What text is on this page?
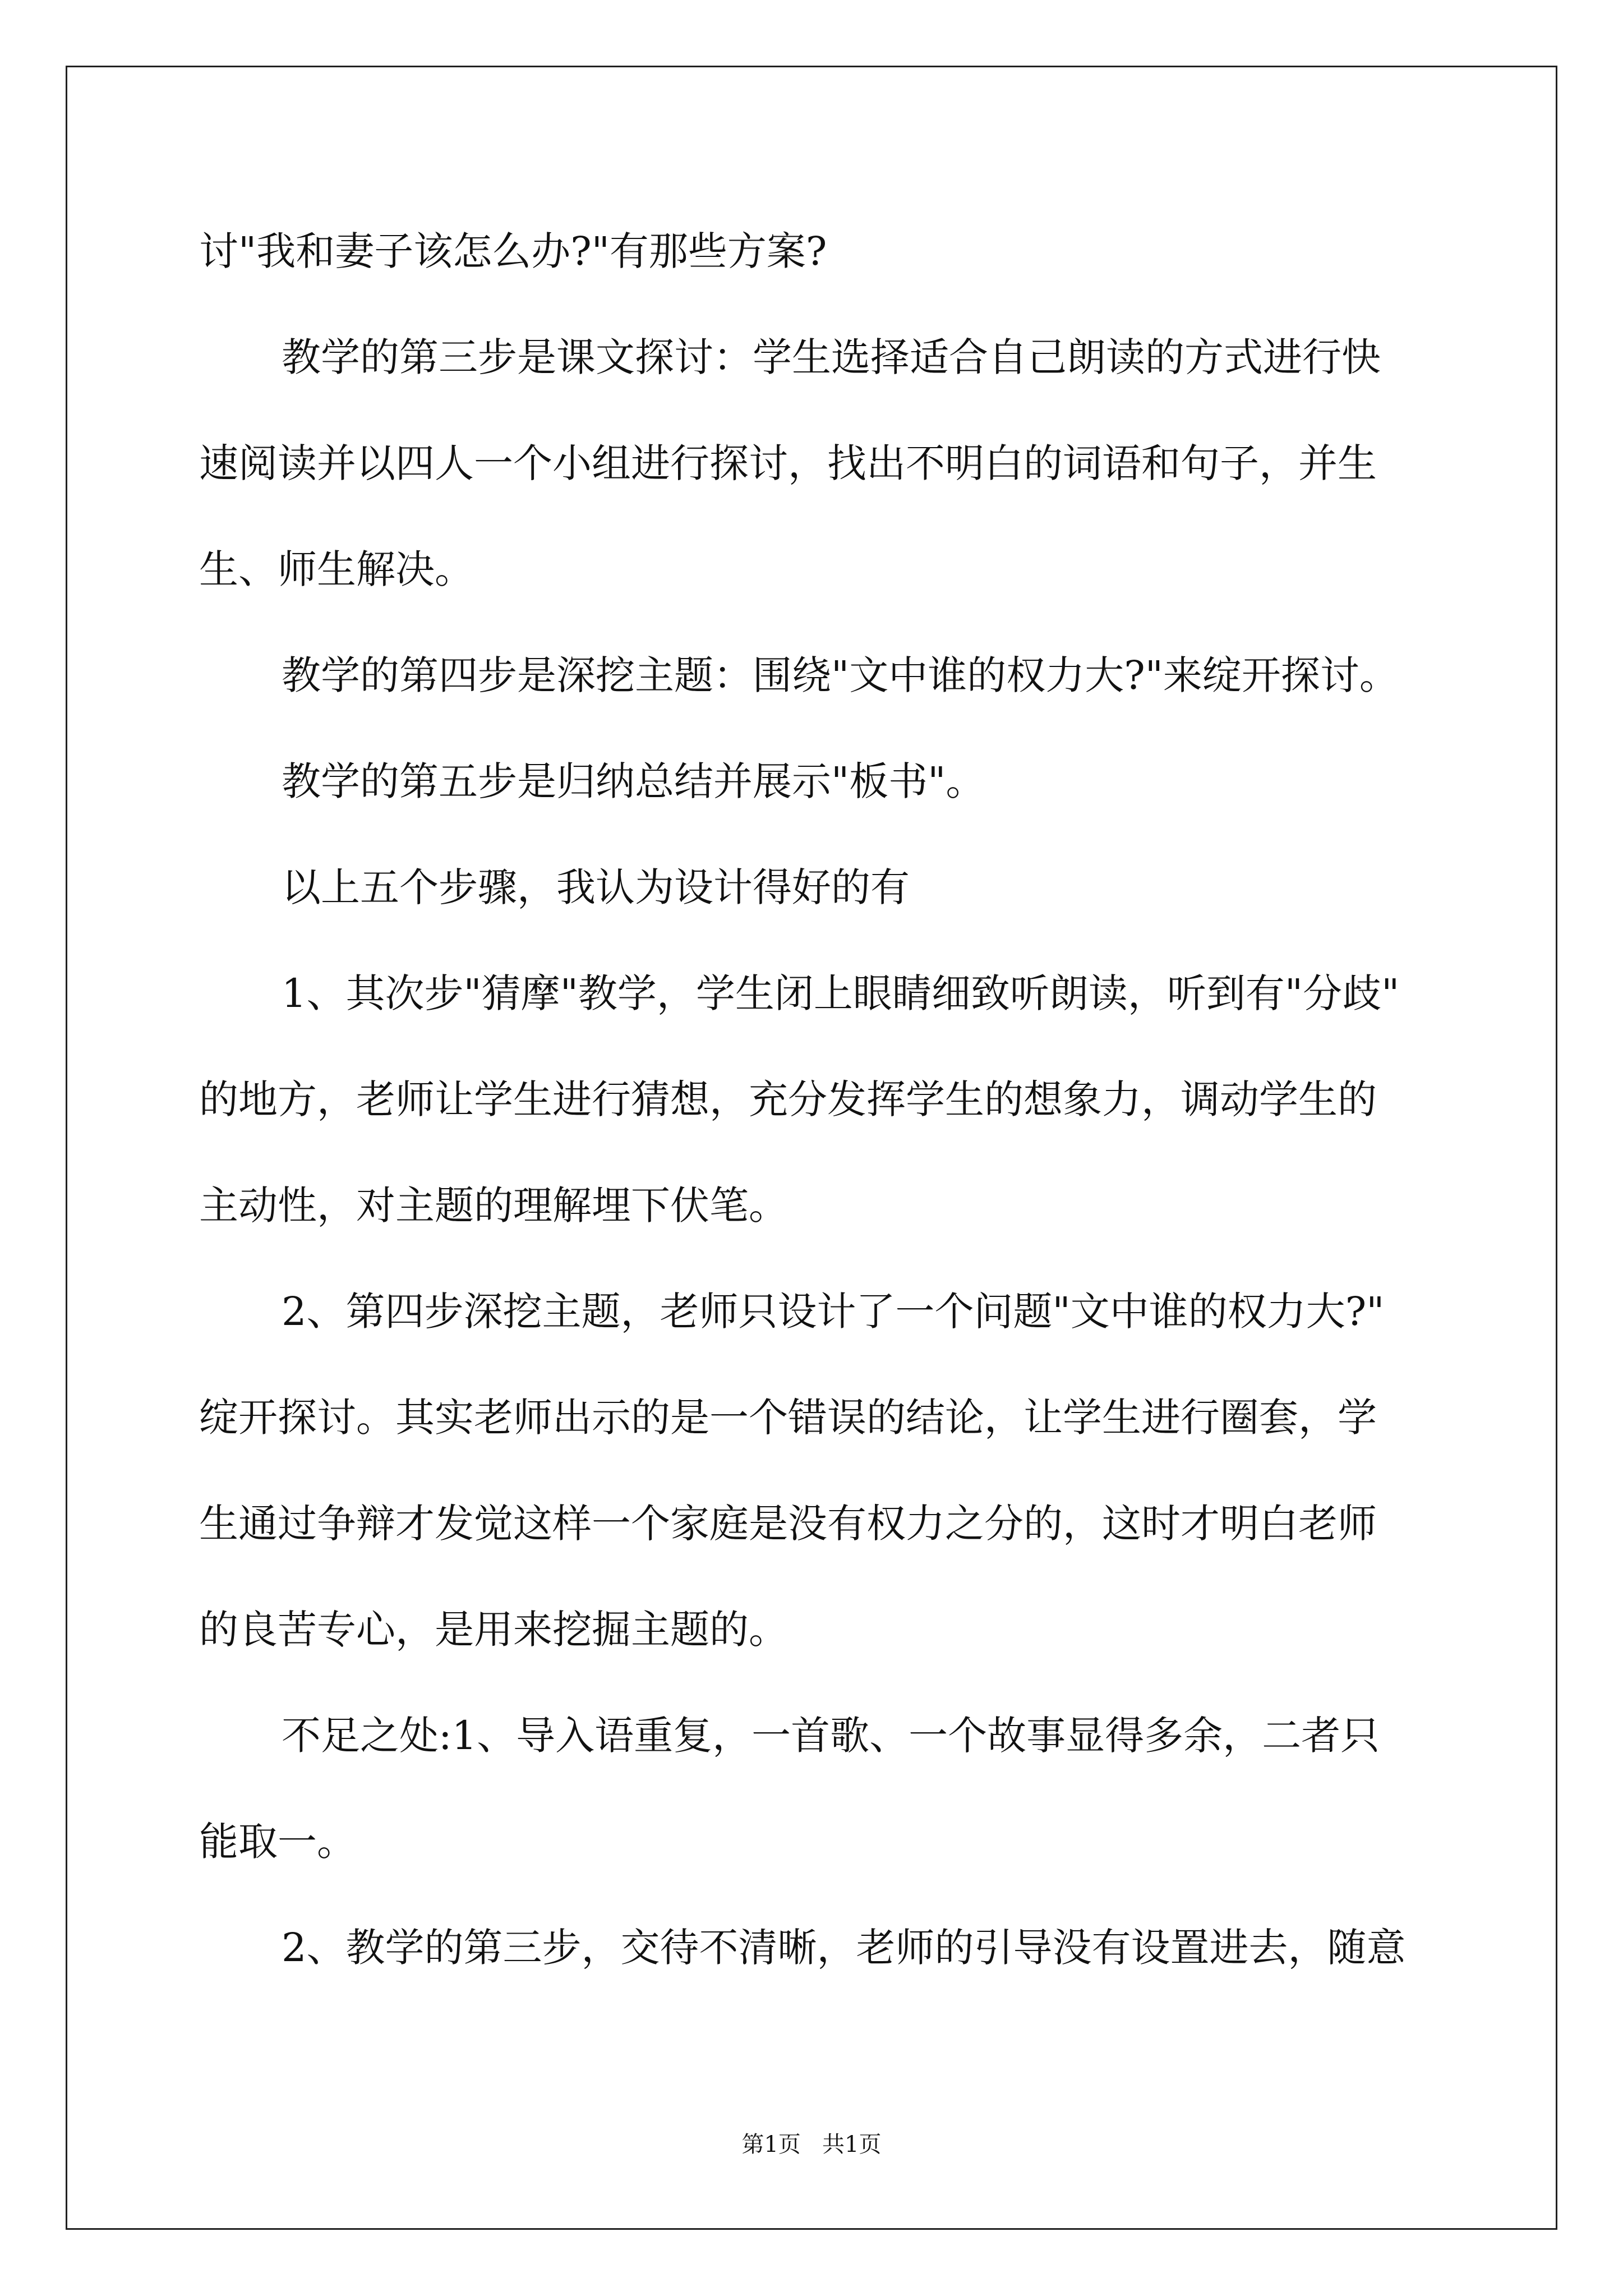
讨"我和妻子该怎么办?"有那些方案?
教学的第三步是课文探讨：学生选择适合自己朗读的方式进行快
速阅读并以四人一个小组进行探讨，找出不明白的词语和句子，并生
生、师生解决。
教学的第四步是深挖主题：围绕"文中谁的权力大?"来绽开探讨。
教学的第五步是归纳总结并展示"板书"。
以上五个步骤，我认为设计得好的有
1、其次步"猜摩"教学，学生闭上眼睛细致听朗读，听到有"分歧"
的地方，老师让学生进行猜想，充分发挥学生的想象力，调动学生的
主动性，对主题的理解埋下伏笔。
2、第四步深挖主题，老师只设计了一个问题"文中谁的权力大?"
绽开探讨。其实老师出示的是一个错误的结论，让学生进行圈套，学
生通过争辩才发觉这样一个家庭是没有权力之分的，这时才明白老师
的良苦专心，是用来挖掘主题的。
不足之处:1、导入语重复，一首歌、一个故事显得多余，二者只
能取一。
2、教学的第三步，交待不清晰，老师的引导没有设置进去，随意
第1页   共1页
